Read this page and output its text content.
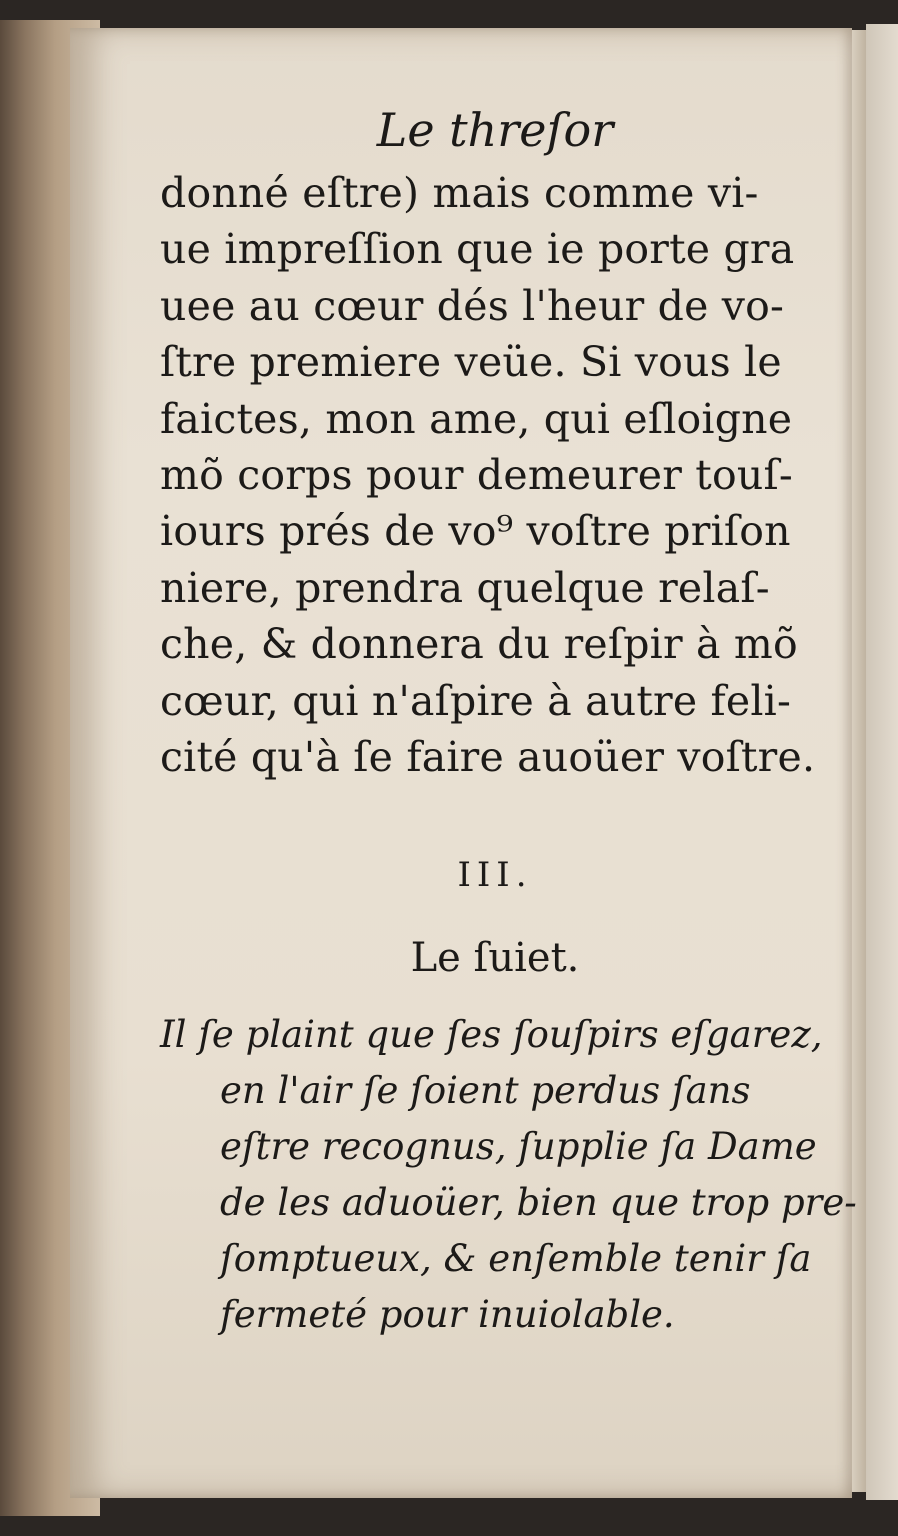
Le threſor

donné eſtre) mais comme vi-

ue impreſſion que ie porte gra

uee au cœur dés l'heur de vo-

ſtre premiere veüe. Si vous le

faictes, mon ame, qui eſloigne

mõ corps pour demeurer touſ-

iours prés de vo⁹ voſtre priſon

niere, prendra quelque relaſ-

che, & donnera du reſpir à mõ

cœur, qui n'aſpire à autre feli-

cité qu'à ſe faire auoüer voſtre.

III.

Le ſuiet.

Il ſe plaint que ſes ſouſpirs eſgarez,

en l'air ſe ſoient perdus ſans

eſtre recognus, ſupplie ſa Dame

de les aduoüer, bien que trop pre-

ſomptueux, & enſemble tenir ſa

fermeté pour inuiolable.
